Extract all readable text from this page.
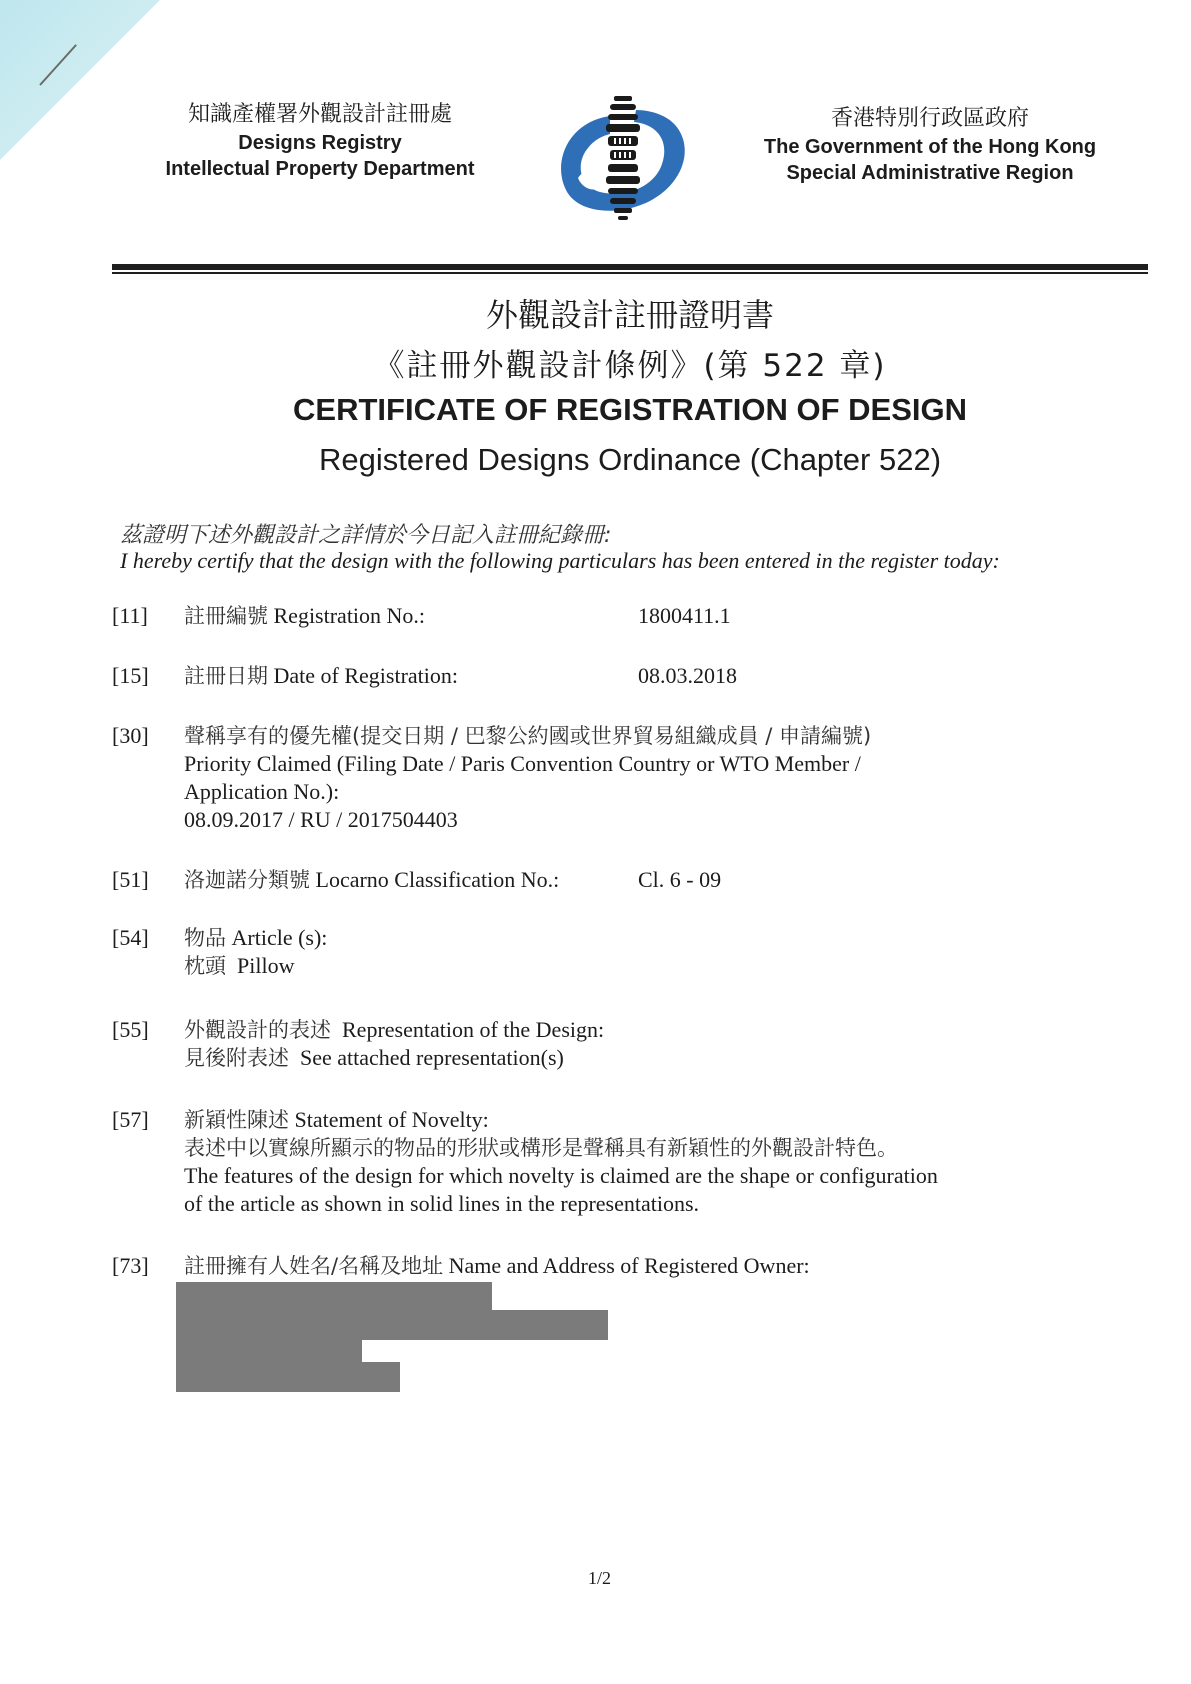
知識產權署外觀設計註冊處
Designs Registry
Intellectual Property Department
香港特別行政區政府
The Government of the Hong Kong
Special Administrative Region
外觀設計註冊證明書
《註冊外觀設計條例》(第 522 章)
CERTIFICATE OF REGISTRATION OF DESIGN
Registered Designs Ordinance (Chapter 522)
茲證明下述外觀設計之詳情於今日記入註冊紀錄冊:
I hereby certify that the design with the following particulars has been entered in the register today:
[11] 註冊編號 Registration No.:	1800411.1
[15] 註冊日期 Date of Registration:	08.03.2018
[30] 聲稱享有的優先權(提交日期 / 巴黎公約國或世界貿易組織成員 / 申請編號)
Priority Claimed (Filing Date / Paris Convention Country or WTO Member /
Application No.):
08.09.2017 / RU / 2017504403
[51] 洛迦諾分類號 Locarno Classification No.:	Cl. 6 - 09
[54] 物品 Article (s):
枕頭  Pillow
[55] 外觀設計的表述  Representation of the Design:
見後附表述  See attached representation(s)
[57] 新穎性陳述 Statement of Novelty:
表述中以實線所顯示的物品的形狀或構形是聲稱具有新穎性的外觀設計特色。
The features of the design for which novelty is claimed are the shape or configuration
of the article as shown in solid lines in the representations.
[73] 註冊擁有人姓名/名稱及地址 Name and Address of Registered Owner:
1/2
